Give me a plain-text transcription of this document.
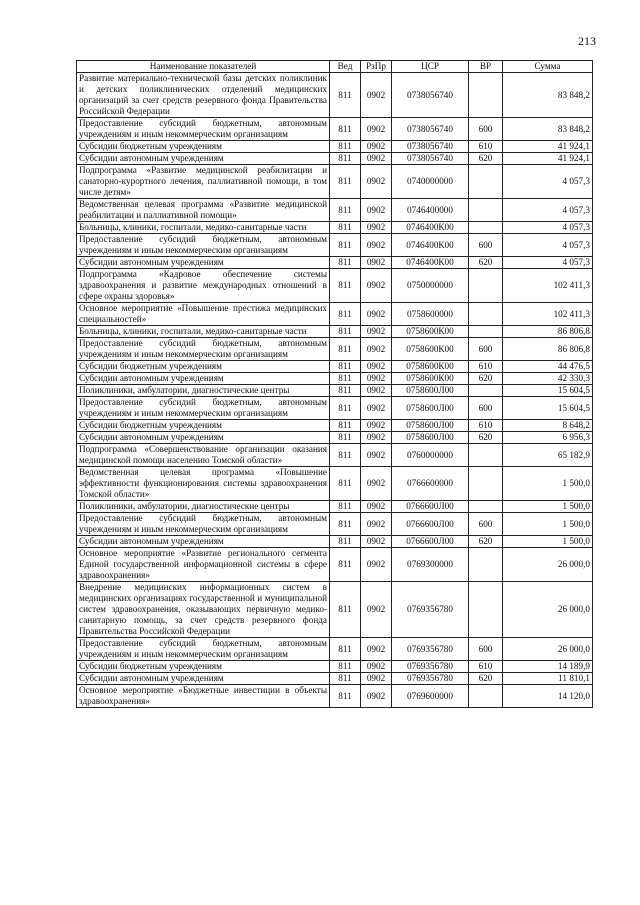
213
Наименование показателей	Вед	РзПр	ЦСР	ВР	Сумма
Развитие материально-технической базы детских поликлиник и детских поликлинических отделений медицинских организаций за счет средств резервного фонда Правительства Российской Федерации	811	0902	0738056740		83 848,2
Предоставление субсидий бюджетным, автономным учреждениям и иным некоммерческим организациям	811	0902	0738056740	600	83 848,2
Субсидии бюджетным учреждениям	811	0902	0738056740	610	41 924,1
Субсидии автономным учреждениям	811	0902	0738056740	620	41 924,1
Подпрограмма «Развитие медицинской реабилитации и санаторно-курортного лечения, паллиативной помощи, в том числе детям»	811	0902	0740000000		4 057,3
Ведомственная целевая программа «Развитие медицинской реабилитации и паллиативной помощи»	811	0902	0746400000		4 057,3
Больницы, клиники, госпитали, медико-санитарные части	811	0902	0746400К00		4 057,3
Предоставление субсидий бюджетным, автономным учреждениям и иным некоммерческим организациям	811	0902	0746400К00	600	4 057,3
Субсидии автономным учреждениям	811	0902	0746400К00	620	4 057,3
Подпрограмма «Кадровое обеспечение системы здравоохранения и развитие международных отношений в сфере охраны здоровья»	811	0902	0750000000		102 411,3
Основное мероприятие «Повышение престижа медицинских специальностей»	811	0902	0758600000		102 411,3
Больницы, клиники, госпитали, медико-санитарные части	811	0902	0758600К00		86 806,8
Предоставление субсидий бюджетным, автономным учреждениям и иным некоммерческим организациям	811	0902	0758600К00	600	86 806,8
Субсидии бюджетным учреждениям	811	0902	0758600К00	610	44 476,5
Субсидии автономным учреждениям	811	0902	0758600К00	620	42 330,3
Поликлиники, амбулатории, диагностические центры	811	0902	0758600Л00		15 604,5
Предоставление субсидий бюджетным, автономным учреждениям и иным некоммерческим организациям	811	0902	0758600Л00	600	15 604,5
Субсидии бюджетным учреждениям	811	0902	0758600Л00	610	8 648,2
Субсидии автономным учреждениям	811	0902	0758600Л00	620	6 956,3
Подпрограмма «Совершенствование организации оказания медицинской помощи населению Томской области»	811	0902	0760000000		65 182,9
Ведомственная целевая программа «Повышение эффективности функционирования системы здравоохранения Томской области»	811	0902	0766600000		1 500,0
Поликлиники, амбулатории, диагностические центры	811	0902	0766600Л00		1 500,0
Предоставление субсидий бюджетным, автономным учреждениям и иным некоммерческим организациям	811	0902	0766600Л00	600	1 500,0
Субсидии автономным учреждениям	811	0902	0766600Л00	620	1 500,0
Основное мероприятие «Развитие регионального сегмента Единой государственной информационной системы в сфере здравоохранения»	811	0902	0769300000		26 000,0
Внедрение медицинских информационных систем в медицинских организациях государственной и муниципальной систем здравоохранения, оказывающих первичную медико-санитарную помощь, за счет средств резервного фонда Правительства Российской Федерации	811	0902	0769356780		26 000,0
Предоставление субсидий бюджетным, автономным учреждениям и иным некоммерческим организациям	811	0902	0769356780	600	26 000,0
Субсидии бюджетным учреждениям	811	0902	0769356780	610	14 189,9
Субсидии автономным учреждениям	811	0902	0769356780	620	11 810,1
Основное мероприятие «Бюджетные инвестиции в объекты здравоохранения»	811	0902	0769600000		14 120,0
